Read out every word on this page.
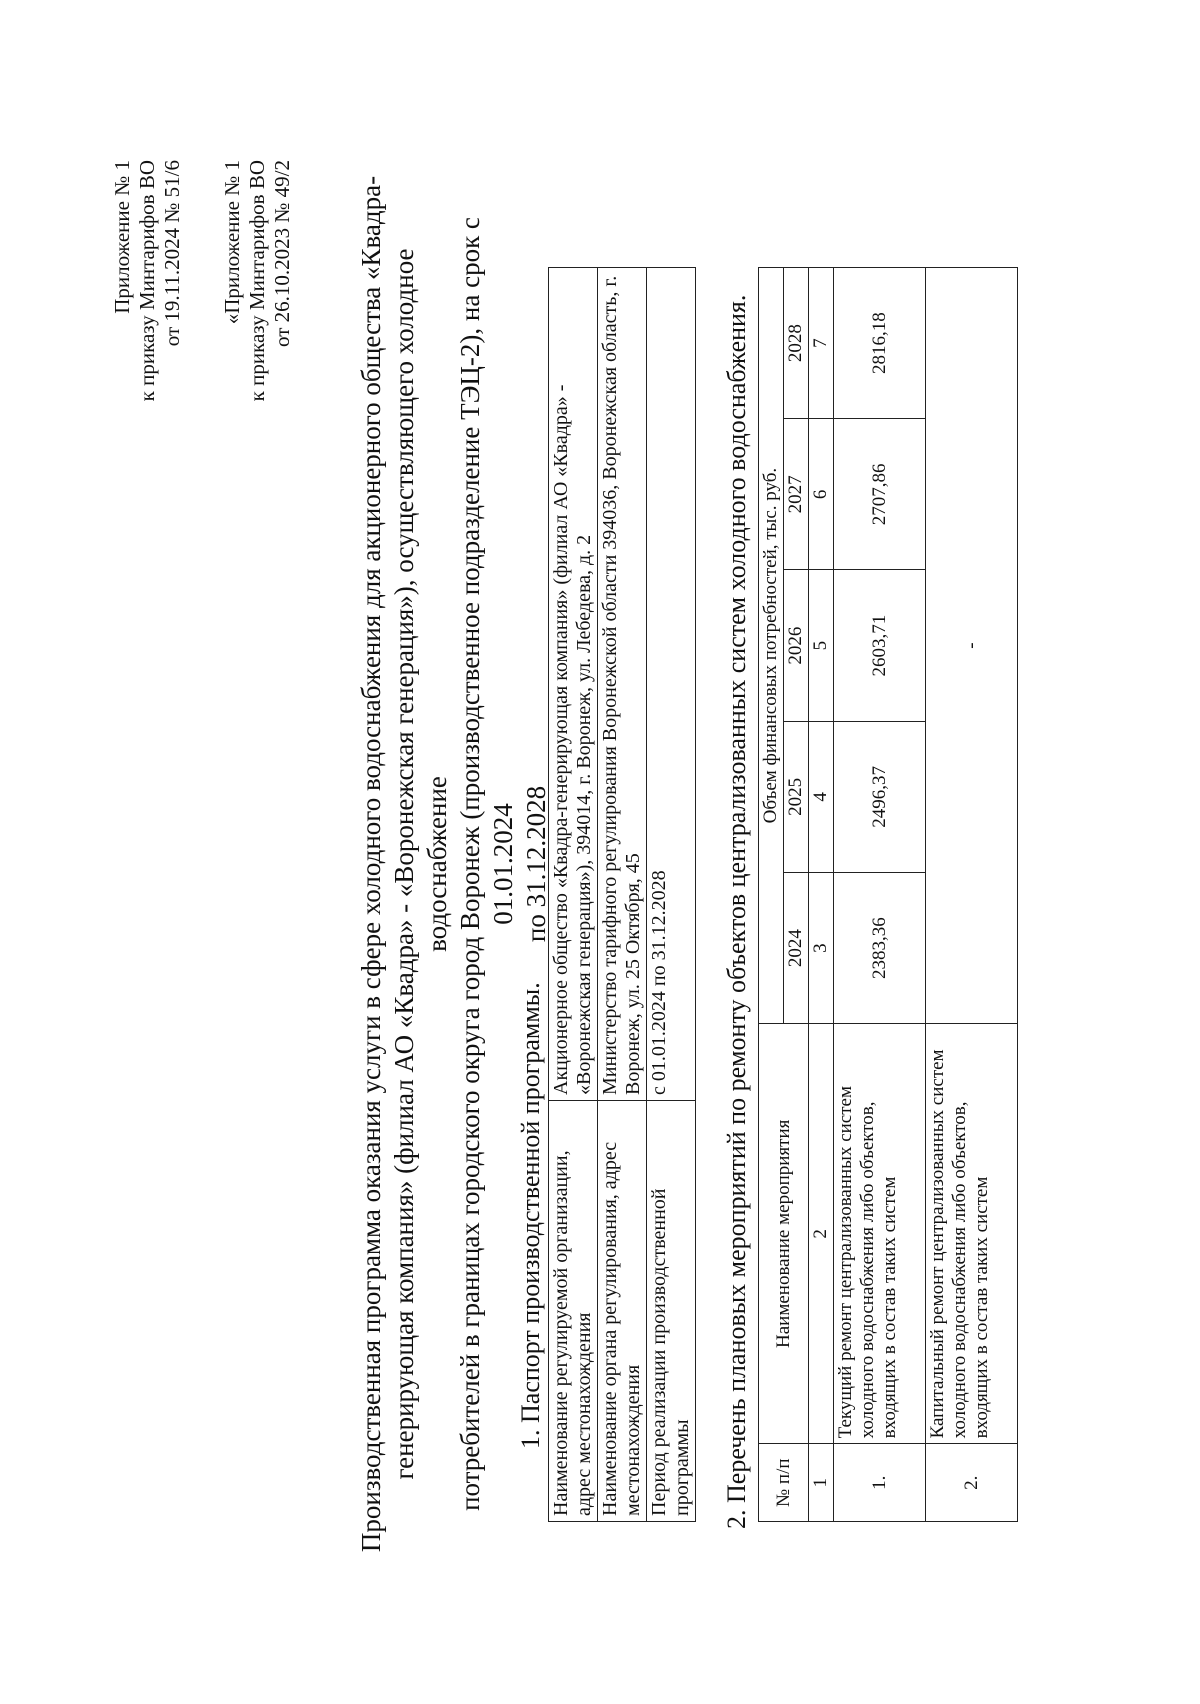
Приложение № 1 к приказу Минтарифов ВО от 19.11.2024 № 51/6 «Приложение № 1 к приказу Минтарифов ВО от 26.10.2023 № 49/2 Производственная программа оказания услуги в сфере холодного водоснабжения для акционерного общества «Квадра- генерирующая компания» (филиал АО «Квадра» - «Воронежская генерация»), осуществляющего холодное водоснабжение потребителей в границах городского округа город Воронеж (производственное подразделение ТЭЦ-2), на срок с 01.01.2024 по 31.12.2028
1. Паспорт производственной программы. Наименование регулируемой организации, адрес местонахождения	Акционерное общество «Квадра-генерирующая компания» (филиал АО «Квадра» - «Воронежская генерация»), 394014, г. Воронеж, ул. Лебедева, д. 2
Наименование органа регулирования, адрес местонахождения	Министерство тарифного регулирования Воронежской области 394036, Воронежская область, г. Воронеж, ул. 25 Октября, 45
Период реализации производственной программы	с 01.01.2024 по 31.12.2028 2. Перечень плановых мероприятий по ремонту объектов централизованных систем холодного водоснабжения. № п/п	Наименование мероприятия	Объем финансовых потребностей, тыс. руб.				
		2024	2025	2026	2027	2028
1	2	3	4	5	6	7
1.	Текущий ремонт централизованных систем холодного водоснабжения либо объектов, входящих в состав таких систем	2383,36	2496,37	2603,71	2707,86	2816,18
2.	Капитальный ремонт централизованных систем холодного водоснабжения либо объектов, входящих в состав таких систем	-				
